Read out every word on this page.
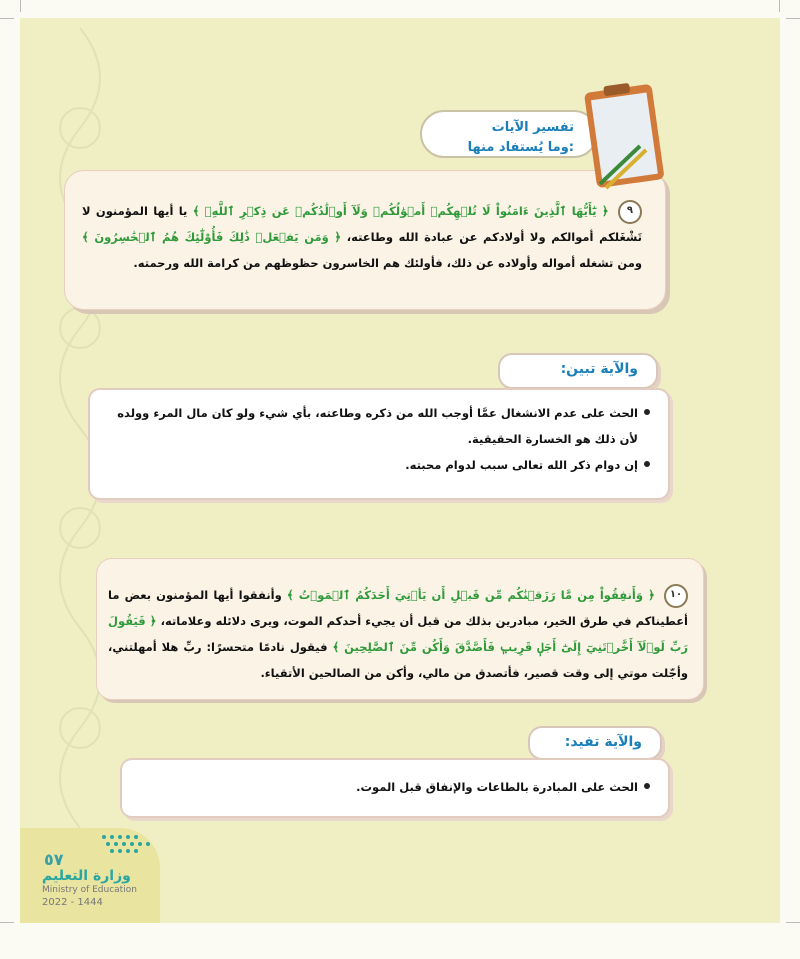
تفسير الآيات
وما يُستفاد منها:
٩ ﴿ يَٰٓأَيُّهَا ٱلَّذِينَ ءَامَنُواْ لَا تُلۡهِكُمۡ أَمۡوَٰلُكُمۡ وَلَآ أَوۡلَٰدُكُمۡ عَن ذِكۡرِ ٱللَّهِۚ ﴾ يا أيها المؤمنون لا تَشْغَلكم أموالكم ولا أولادكم عن عبادة الله وطاعته، ﴿ وَمَن يَفۡعَلۡ ذَٰلِكَ فَأُوْلَٰٓئِكَ هُمُ ٱلۡخَٰسِرُونَ ﴾ ومن تشغله أمواله وأولاده عن ذلك، فأولئك هم الخاسرون حظوظهم من كرامة الله ورحمته.
والآية تبين:
الحث على عدم الانشغال عمَّا أوجب الله من ذكره وطاعته، بأي شيء ولو كان مال المرء وولده لأن ذلك هو الخسارة الحقيقية.
إن دوام ذكر الله تعالى سبب لدوام محبته.
١٠ ﴿ وَأَنفِقُواْ مِن مَّا رَزَقۡنَٰكُم مِّن قَبۡلِ أَن يَأۡتِيَ أَحَدَكُمُ ٱلۡمَوۡتُ ﴾ وأنفقوا أيها المؤمنون بعض ما أعطيناكم في طرق الخير، مبادرين بذلك من قبل أن يجيء أحدكم الموت، ويرى دلائله وعلاماته، ﴿ فَيَقُولَ رَبِّ لَوۡلَآ أَخَّرۡتَنِيٓ إِلَىٰٓ أَجَلٖ قَرِيبٖ فَأَصَّدَّقَ وَأَكُن مِّنَ ٱلصَّٰلِحِينَ ﴾ فيقول نادمًا متحسرًا: ربِّ هلا أمهلتني، وأجّلت موتي إلى وقت قصير، فأتصدق من مالي، وأكن من الصالحين الأتقياء.
والآية تفيد:
الحث على المبادرة بالطاعات والإنفاق قبل الموت.
٥٧
وزارة التعليم
Ministry of Education
2022 - 1444
